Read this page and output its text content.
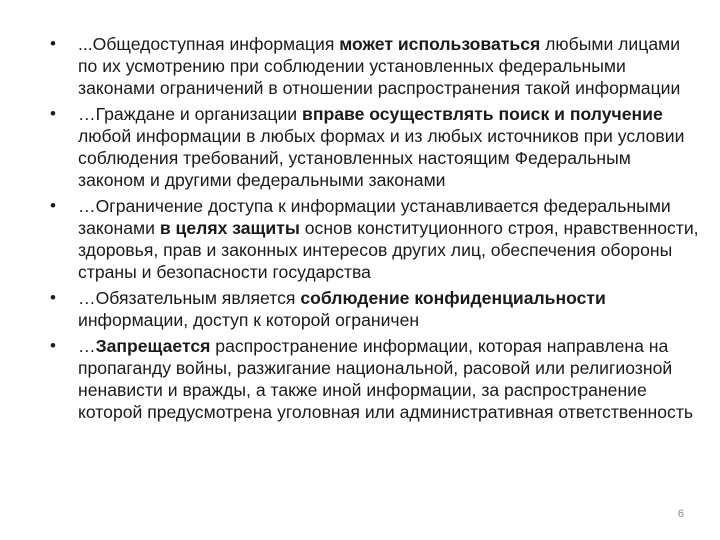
• ...Общедоступная информация может использоваться любыми лицами по их усмотрению при соблюдении установленных федеральными законами ограничений в отношении распространения такой информации
• …Граждане и организации вправе осуществлять поиск и получение любой информации в любых формах и из любых источников при условии соблюдения требований, установленных настоящим Федеральным законом и другими федеральными законами
• …Ограничение доступа к информации устанавливается федеральными законами в целях защиты основ конституционного строя, нравственности, здоровья, прав и законных интересов других лиц, обеспечения обороны страны и безопасности государства
• …Обязательным является соблюдение конфиденциальности информации, доступ к которой ограничен
• …Запрещается распространение информации, которая направлена на пропаганду войны, разжигание национальной, расовой или религиозной ненависти и вражды, а также иной информации, за распространение которой предусмотрена уголовная или административная ответственность
6
